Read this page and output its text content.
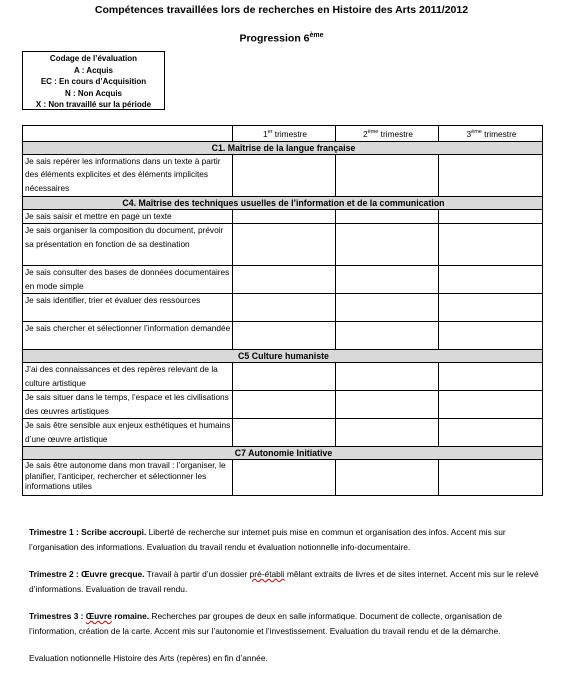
Compétences travaillées lors de recherches en Histoire des Arts 2011/2012
Progression 6ème
Codage de l’évaluation
A : Acquis
EC : En cours d’Acquisition
N : Non Acquis
X : Non travaillé sur la période
	1er trimestre	2ème trimestre	3ème trimestre
C1. Maîtrise de la langue française			
Je sais repérer les informations dans un texte à partir des éléments explicites et des éléments implicites nécessaires			
C4. Maîtrise des techniques usuelles de l’information et de la communication			
Je sais saisir et mettre en page un texte			
Je sais organiser la composition du document, prévoir sa présentation en fonction de sa destination			
Je sais consulter des bases de données documentaires en mode simple			
Je sais identifier, trier et évaluer des ressources			
Je sais chercher et sélectionner l’information demandée			
C5 Culture humaniste			
J’ai des connaissances et des repères relevant de la culture artistique			
Je sais situer dans le temps, l’espace et les civilisations des œuvres artistiques			
Je sais être sensible aux enjeux esthétiques et humains d’une œuvre artistique			
C7 Autonomie Initiative			
Je sais être autonome dans mon travail : l’organiser, le planifier, l’anticiper, rechercher et sélectionner les informations utiles			

Trimestre 1 : Scribe accroupi. Liberté de recherche sur internet puis mise en commun et organisation des infos. Accent mis sur l’organisation des informations. Evaluation du travail rendu et évaluation notionnelle info-documentaire.

Trimestre 2 : Œuvre grecque. Travail à partir d’un dossier pré-établi mêlant extraits de livres et de sites internet. Accent mis sur le relevé d’informations. Evaluation de travail rendu.

Trimestres 3 : Œuvre romaine. Recherches par groupes de deux en salle informatique. Document de collecte, organisation de l’information, création de la carte. Accent mis sur l’autonomie et l’investissement. Evaluation du travail rendu et de la démarche.

Evaluation notionnelle Histoire des Arts (repères) en fin d’année.
